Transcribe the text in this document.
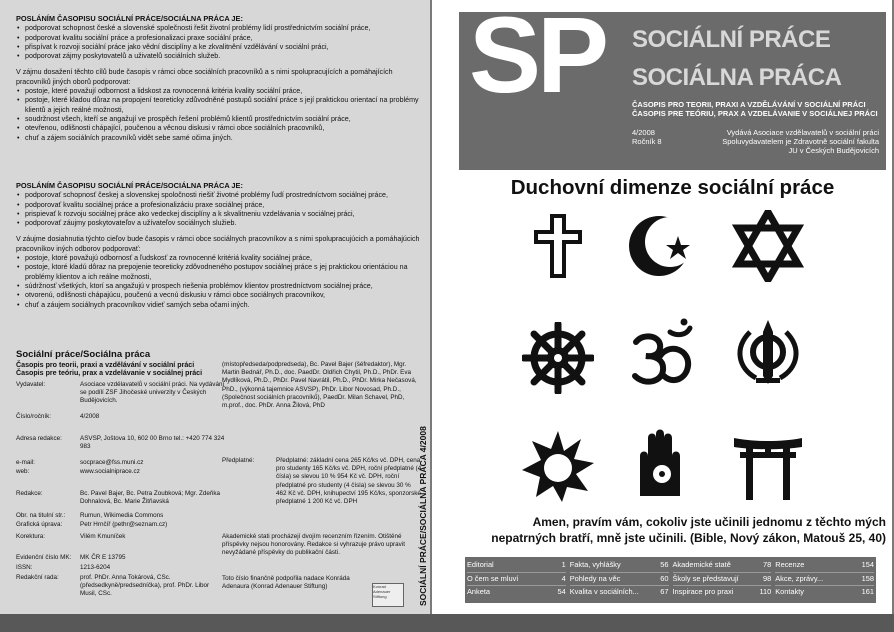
POSLÁNÍM ČASOPISU SOCIÁLNÍ PRÁCE/SOCIÁLNA PRÁCA JE:
• podporovat schopnost české a slovenské společnosti řešit životní problémy lidí prostřednictvím sociální práce,
• podporovat kvalitu sociální práce a profesionalizaci praxe sociální práce,
• přispívat k rozvoji sociální práce jako vědní disciplíny a ke zkvalitnění vzdělávání v sociální práci,
• podporovat zájmy poskytovatelů a uživatelů sociálních služeb.

V zájmu dosažení těchto cílů bude časopis v rámci obce sociálních pracovníků a s nimi spolupracujících a pomáhajících pracovníků jiných oborů podporovat:

• postoje, které považují odbornost a lidskost za rovnocenná kritéria kvality sociální práce,
• postoje, které kladou důraz na propojení teoreticky zdůvodněné postupů sociální práce s její praktickou orientací na problémy klientů a jejich reálné možnosti,
• soudržnost všech, kteří se angažují ve prospěch řešení problémů klientů prostřednictvím sociální práce,
• otevřenou, odlišnosti chápající, poučenou a věcnou diskusi v rámci obce sociálních pracovníků,
• chuť a zájem sociálních pracovníků vidět sebe samé očima jiných.
POSLÁNÍM ČASOPISU SOCIÁLNÍ PRÁCE/SOCIÁLNA PRÁCA JE:
• podporovať schopnosť českej a slovenskej spoločnosti riešiť životné problémy ľudí prostredníctvom sociálnej práce,
• podporovať kvalitu sociálnej práce a profesionalizáciu praxe sociálnej práce,
• prispievať k rozvoju sociálnej práce ako vedeckej disciplíny a k skvalitneniu vzdelávania v sociálnej práci,
• podporovať záujmy poskytovateľov a užívateľov sociálnych služieb.

V záujme dosiahnutia týchto cieľov bude časopis v rámci obce sociálnych pracovníkov a s nimi spolupracujúcich a pomáhajúcich pracovníkov iných odborov podporovať:

• postoje, ktoré považujú odbornosť a ľudskosť za rovnocenné kritériá kvality sociálnej práce,
• postoje, ktoré kladú dôraz na prepojenie teoreticky zdôvodneného postupov sociálnej práce s jej praktickou orientáciou na problémy klientov a ich reálne možnosti,
• súdržnosť všetkých, ktorí sa angažujú v prospech riešenia problémov klientov prostredníctvom sociálnej práce,
• otvorenú, odlišnosti chápajúcu, poučenú a vecnú diskusiu v rámci obce sociálnych pracovníkov,
• chuť a záujem sociálnych pracovníkov vidieť samých seba očami iných.
Sociální práce/Sociálna práca
Časopis pro teorii, praxi a vzdělávání v sociální práci
Časopis pre teóriu, prax a vzdelávanie v sociálnej práci
Vydavatel:	Asociace vzdělavatelů v sociální práci. Na vydávání se podílí ZSF Jihočeské univerzity v Českých Budějovicích.
Číslo/ročník:	4/2008
Adresa redakce:	ASVSP, Joštova 10, 602 00 Brno tel.: +420 774 324 983
e-mail:	socprace@fss.muni.cz
web:	www.socialniprace.cz
Redakce:	Bc. Pavel Bajer, Bc. Petra Zoubková; Mgr. Zdeňka Dohnalová, Bc. Marie Žitňavská
Obr. na titulní str.:	Rumun, Wikimedia Commons
Grafická úprava:	Petr Hrnčíř (pethr@seznam.cz)
Korektura:	Vilém Kmuníček
Evidenční číslo MK:	MK ČR E 13795
ISSN:	1213-6204
Redakční rada:	prof. PhDr. Anna Tokárová, CSc. (předsedkyně/predsedníčka), prof. PhDr. Libor Musil, CSc.
(místopředseda/podpredseda), Bc. Pavel Bajer (šéfredaktor), Mgr. Martin Bednář, Ph.D., doc. PaedDr. Oldřich Chytil, Ph.D., PhDr. Eva Mydlíková, Ph.D., PhDr. Pavel Navrátil, Ph.D., PhDr. Mirka Nečasová, PhD., (výkonná tajemnice ASVSP), PhDr. Libor Novosad, Ph.D., (Společnost sociálních pracovníků), PaedDr. Milan Schavel, PhD, m.prof., doc. PhDr. Anna Žilová, PhD
Předplatné:	Předplatné: základní cena 265 Kč/ks vč. DPH, cena pro studenty 165 Kč/ks vč. DPH, roční předplatné (4 čísla) se slevou 10 % 954 Kč vč. DPH, roční předplatné pro studenty (4 čísla) se slevou 30 % 462 Kč vč. DPH, knihupectví 195 Kč/ks, sponzorské předplatné 1 200 Kč vč. DPH
Akademické stati procházejí dvojím recenzním řízením. Otištěné příspěvky nejsou honorovány. Redakce si vyhrazuje právo upravit nevyžádané příspěvky do publikační části.
Toto číslo finančně podpořila nadace Konráda Adenaura (Konrad Adenauer Stiftung)	Konrad Adenauer Stiftung	SOCIÁLNÍ PRÁCE/SOCIÁLNA PRÁCA 4/2008
SP SOCIÁLNÍ PRÁCE
SOCIÁLNA PRÁCA
ČASOPIS PRO TEORII, PRAXI A VZDĚLÁVÁNÍ V SOCIÁLNÍ PRÁCI
ČASOPIS PRE TEÓRIU, PRAX A VZDELÁVANIE V SOCIÁLNEJ PRÁCI
4/2008
Ročník 8
Vydává Asociace vzdělavatelů v sociální práci
Spoluvydavatelem je Zdravotně sociální fakulta
JU v Českých Budějovicích
Duchovní dimenze sociální práce
Amen, pravím vám, cokoliv jste učinili jednomu z těchto mých
nepatrných bratří, mně jste učinili. (Bible, Nový zákon, Matouš 25, 40)
Editorial	1
O čem se mluví	4
Anketa	54
Fakta, vyhlášky	56
Pohledy na věc	60
Kvalita v sociálních...	67
Akademické statě	78
Školy se představují	98
Inspirace pro praxi	110
Recenze	154
Akce, zprávy...	158
Kontakty	161
